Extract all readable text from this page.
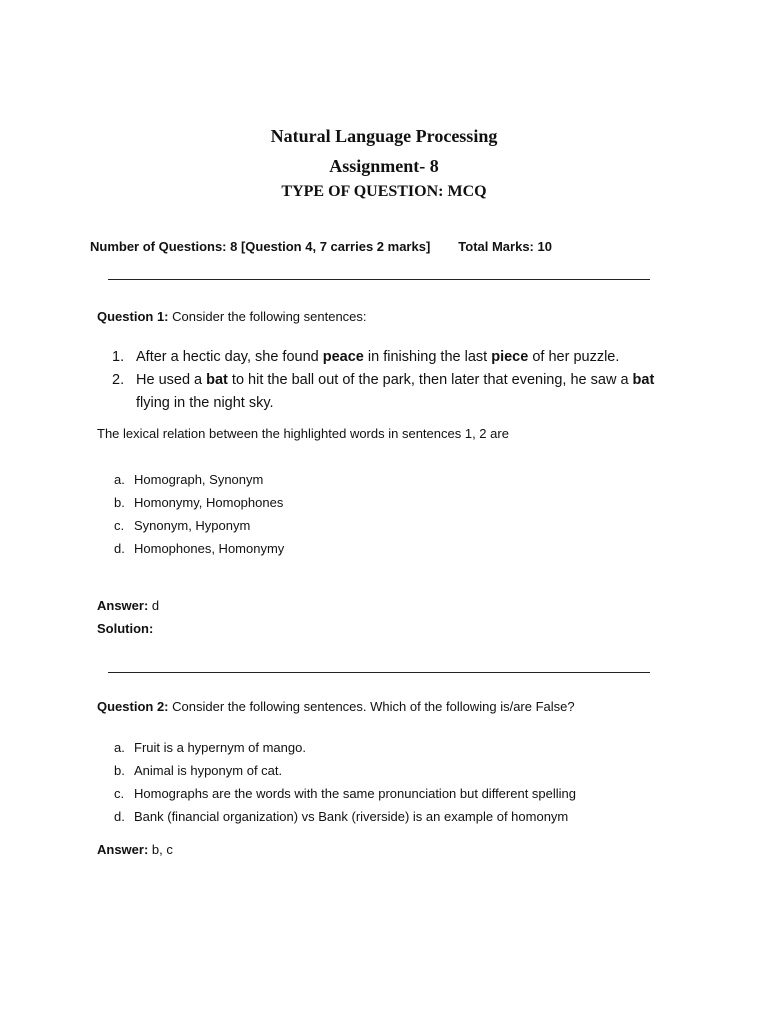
Natural Language Processing
Assignment- 8
TYPE OF QUESTION: MCQ
Number of Questions: 8 [Question 4, 7 carries 2 marks] Total Marks: 10
Question 1: Consider the following sentences:
1. After a hectic day, she found peace in finishing the last piece of her puzzle.
2. He used a bat to hit the ball out of the park, then later that evening, he saw a bat flying in the night sky.
The lexical relation between the highlighted words in sentences 1, 2 are
a. Homograph, Synonym
b. Homonymy, Homophones
c. Synonym, Hyponym
d. Homophones, Homonymy
Answer: d
Solution:
Question 2: Consider the following sentences. Which of the following is/are False?
a. Fruit is a hypernym of mango.
b. Animal is hyponym of cat.
c. Homographs are the words with the same pronunciation but different spelling
d. Bank (financial organization) vs Bank (riverside) is an example of homonym
Answer: b, c
